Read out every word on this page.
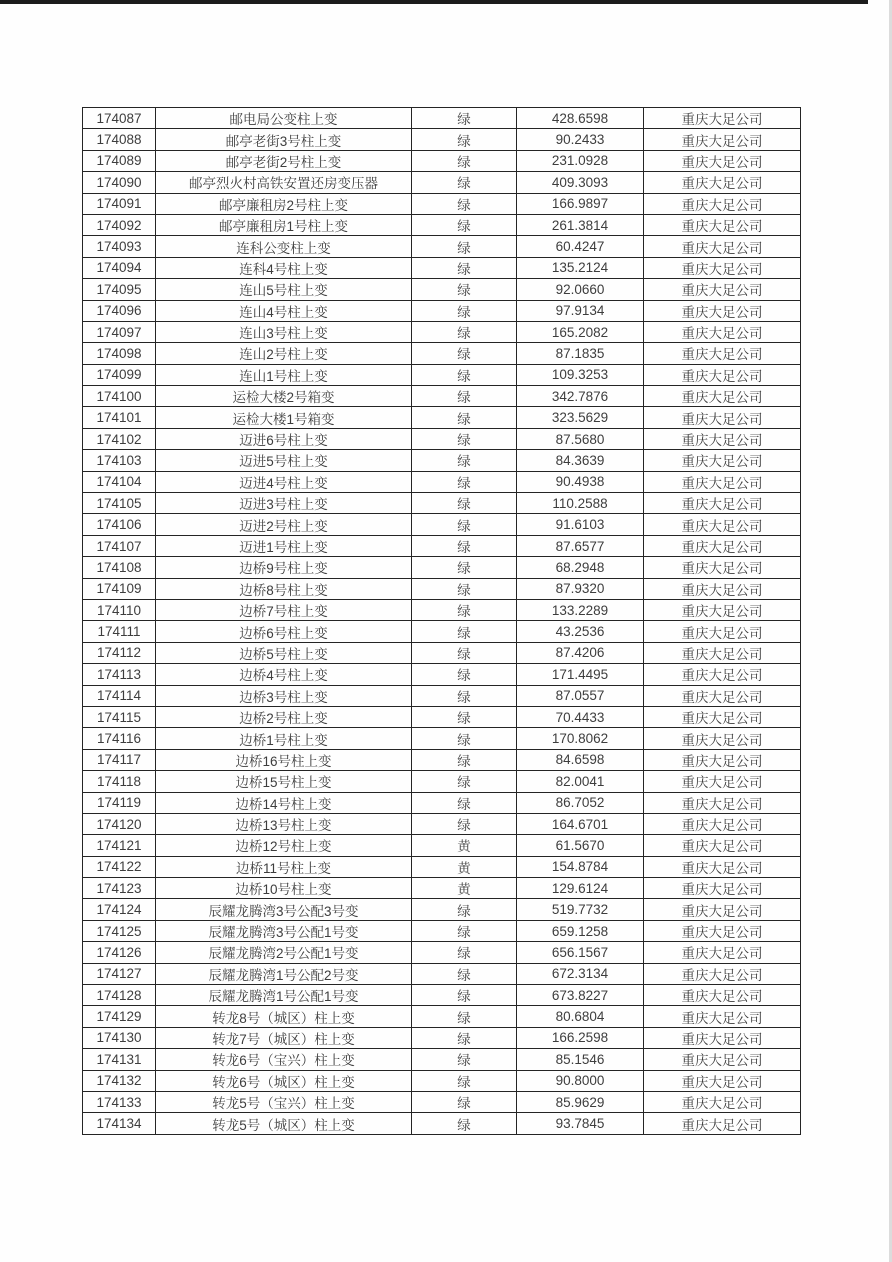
174087	邮电局公变柱上变	绿	428.6598	重庆大足公司
174088	邮亭老街3号柱上变	绿	90.2433	重庆大足公司
174089	邮亭老街2号柱上变	绿	231.0928	重庆大足公司
174090	邮亭烈火村高铁安置还房变压器	绿	409.3093	重庆大足公司
174091	邮亭廉租房2号柱上变	绿	166.9897	重庆大足公司
174092	邮亭廉租房1号柱上变	绿	261.3814	重庆大足公司
174093	连科公变柱上变	绿	60.4247	重庆大足公司
174094	连科4号柱上变	绿	135.2124	重庆大足公司
174095	连山5号柱上变	绿	92.0660	重庆大足公司
174096	连山4号柱上变	绿	97.9134	重庆大足公司
174097	连山3号柱上变	绿	165.2082	重庆大足公司
174098	连山2号柱上变	绿	87.1835	重庆大足公司
174099	连山1号柱上变	绿	109.3253	重庆大足公司
174100	运检大楼2号箱变	绿	342.7876	重庆大足公司
174101	运检大楼1号箱变	绿	323.5629	重庆大足公司
174102	迈进6号柱上变	绿	87.5680	重庆大足公司
174103	迈进5号柱上变	绿	84.3639	重庆大足公司
174104	迈进4号柱上变	绿	90.4938	重庆大足公司
174105	迈进3号柱上变	绿	110.2588	重庆大足公司
174106	迈进2号柱上变	绿	91.6103	重庆大足公司
174107	迈进1号柱上变	绿	87.6577	重庆大足公司
174108	边桥9号柱上变	绿	68.2948	重庆大足公司
174109	边桥8号柱上变	绿	87.9320	重庆大足公司
174110	边桥7号柱上变	绿	133.2289	重庆大足公司
174111	边桥6号柱上变	绿	43.2536	重庆大足公司
174112	边桥5号柱上变	绿	87.4206	重庆大足公司
174113	边桥4号柱上变	绿	171.4495	重庆大足公司
174114	边桥3号柱上变	绿	87.0557	重庆大足公司
174115	边桥2号柱上变	绿	70.4433	重庆大足公司
174116	边桥1号柱上变	绿	170.8062	重庆大足公司
174117	边桥16号柱上变	绿	84.6598	重庆大足公司
174118	边桥15号柱上变	绿	82.0041	重庆大足公司
174119	边桥14号柱上变	绿	86.7052	重庆大足公司
174120	边桥13号柱上变	绿	164.6701	重庆大足公司
174121	边桥12号柱上变	黄	61.5670	重庆大足公司
174122	边桥11号柱上变	黄	154.8784	重庆大足公司
174123	边桥10号柱上变	黄	129.6124	重庆大足公司
174124	辰耀龙腾湾3号公配3号变	绿	519.7732	重庆大足公司
174125	辰耀龙腾湾3号公配1号变	绿	659.1258	重庆大足公司
174126	辰耀龙腾湾2号公配1号变	绿	656.1567	重庆大足公司
174127	辰耀龙腾湾1号公配2号变	绿	672.3134	重庆大足公司
174128	辰耀龙腾湾1号公配1号变	绿	673.8227	重庆大足公司
174129	转龙8号（城区）柱上变	绿	80.6804	重庆大足公司
174130	转龙7号（城区）柱上变	绿	166.2598	重庆大足公司
174131	转龙6号（宝兴）柱上变	绿	85.1546	重庆大足公司
174132	转龙6号（城区）柱上变	绿	90.8000	重庆大足公司
174133	转龙5号（宝兴）柱上变	绿	85.9629	重庆大足公司
174134	转龙5号（城区）柱上变	绿	93.7845	重庆大足公司
